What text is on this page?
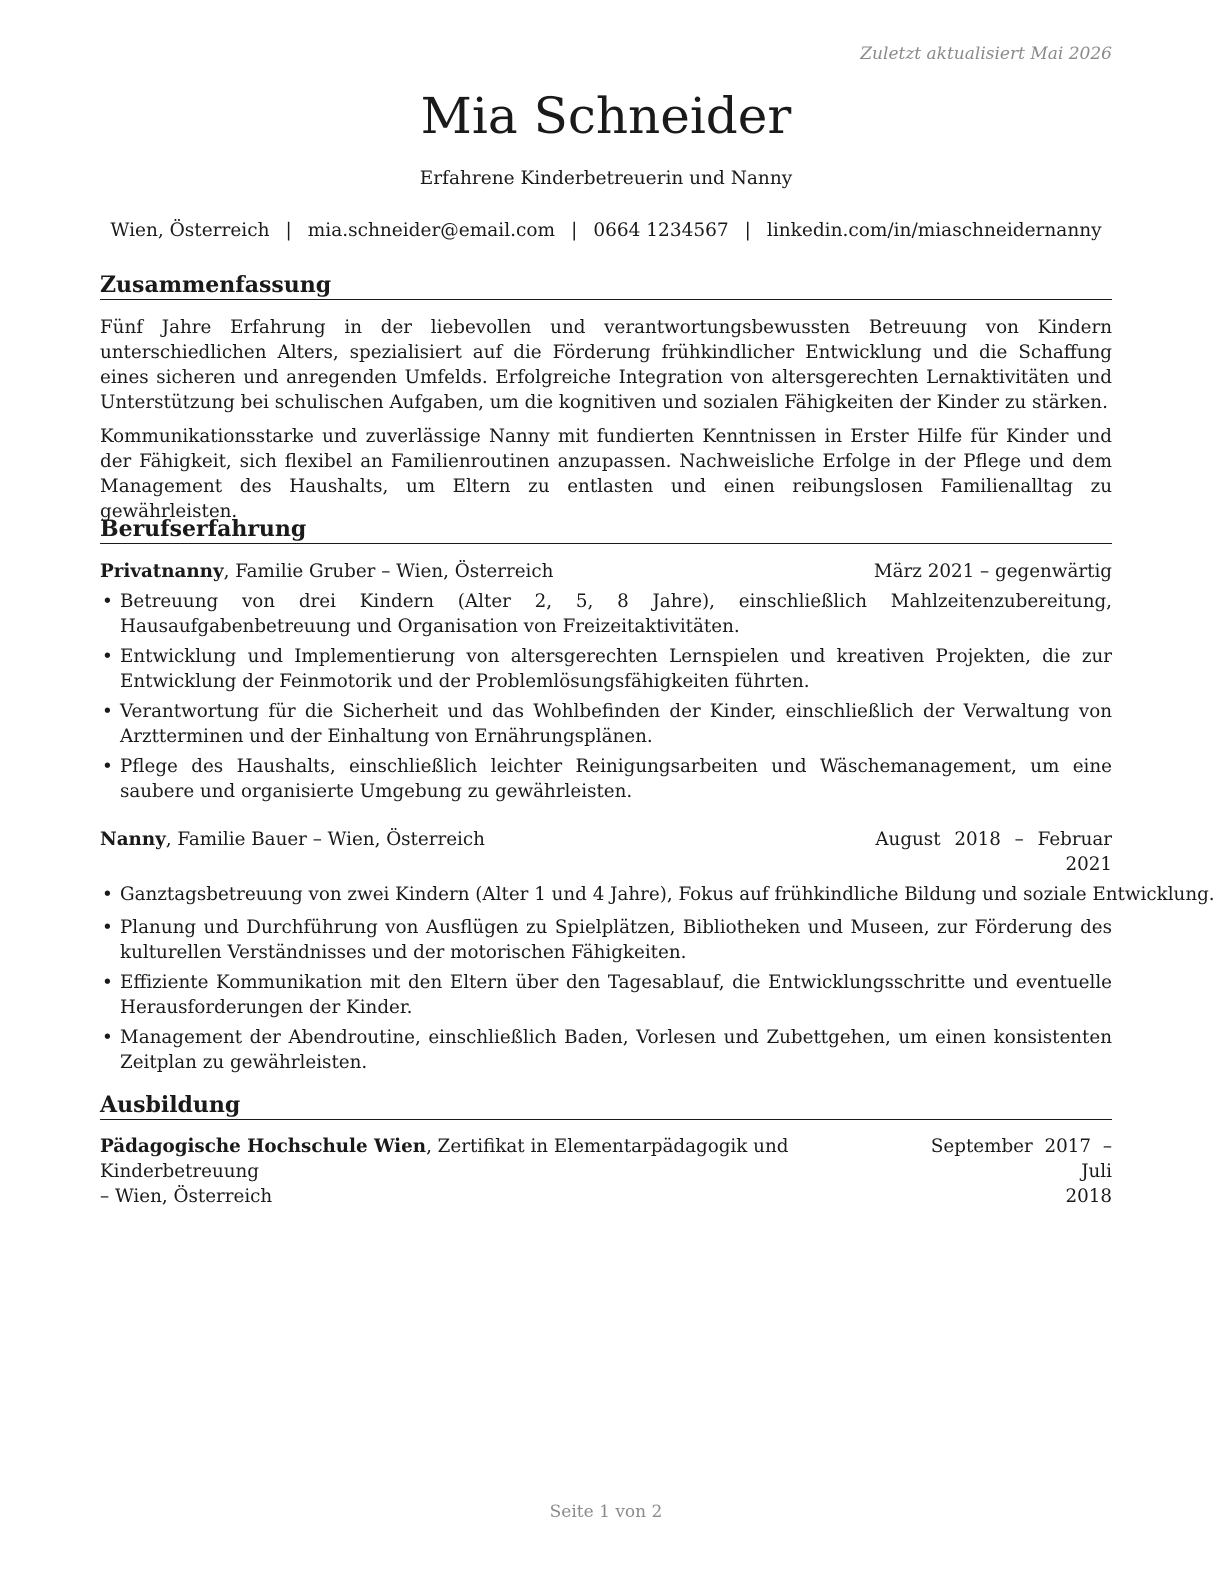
Zuletzt aktualisiert Mai 2026
Mia Schneider
Erfahrene Kinderbetreuerin und Nanny
Wien, Österreich | mia.schneider@email.com | 0664 1234567 | linkedin.com/in/miaschneidernanny
Zusammenfassung

Fünf Jahre Erfahrung in der liebevollen und verantwortungsbewussten Betreuung von Kindern unterschiedlichen Alters, spezialisiert auf die Förderung frühkindlicher Entwicklung und die Schaffung eines sicheren und anregenden Umfelds. Erfolgreiche Integration von altersgerechten Lernaktivitäten und Unterstützung bei schulischen Aufgaben, um die kognitiven und sozialen Fähigkeiten der Kinder zu stärken.

Kommunikationsstarke und zuverlässige Nanny mit fundierten Kenntnissen in Erster Hilfe für Kinder und der Fähigkeit, sich flexibel an Familienroutinen anzupassen. Nachweisliche Erfolge in der Pflege und dem Management des Haushalts, um Eltern zu entlasten und einen reibungslosen Familienalltag zu gewährleisten.

Berufserfahrung
Privatnanny, Familie Gruber – Wien, Österreich	März 2021 – gegenwärtig
• Betreuung von drei Kindern (Alter 2, 5, 8 Jahre), einschließlich Mahlzeitenzubereitung, Hausaufgabenbetreuung und Organisation von Freizeitaktivitäten.
• Entwicklung und Implementierung von altersgerechten Lernspielen und kreativen Projekten, die zur Entwicklung der Feinmotorik und der Problemlösungsfähigkeiten führten.
• Verantwortung für die Sicherheit und das Wohlbefinden der Kinder, einschließlich der Verwaltung von Arztterminen und der Einhaltung von Ernährungsplänen.
• Pflege des Haushalts, einschließlich leichter Reinigungsarbeiten und Wäschemanagement, um eine saubere und organisierte Umgebung zu gewährleisten.
Nanny, Familie Bauer – Wien, Österreich	August 2018 – Februar
2021
• Ganztagsbetreuung von zwei Kindern (Alter 1 und 4 Jahre), Fokus auf frühkindliche Bildung und soziale Entwicklung.
• Planung und Durchführung von Ausflügen zu Spielplätzen, Bibliotheken und Museen, zur Förderung des kulturellen Verständnisses und der motorischen Fähigkeiten.
• Effiziente Kommunikation mit den Eltern über den Tagesablauf, die Entwicklungsschritte und eventuelle Herausforderungen der Kinder.
• Management der Abendroutine, einschließlich Baden, Vorlesen und Zubettgehen, um einen konsistenten Zeitplan zu gewährleisten.
Ausbildung
Pädagogische Hochschule Wien, Zertifikat in Elementarpädagogik und Kinderbetreuung
– Wien, Österreich
September 2017 – Juli
2018
Seite 1 von 2
